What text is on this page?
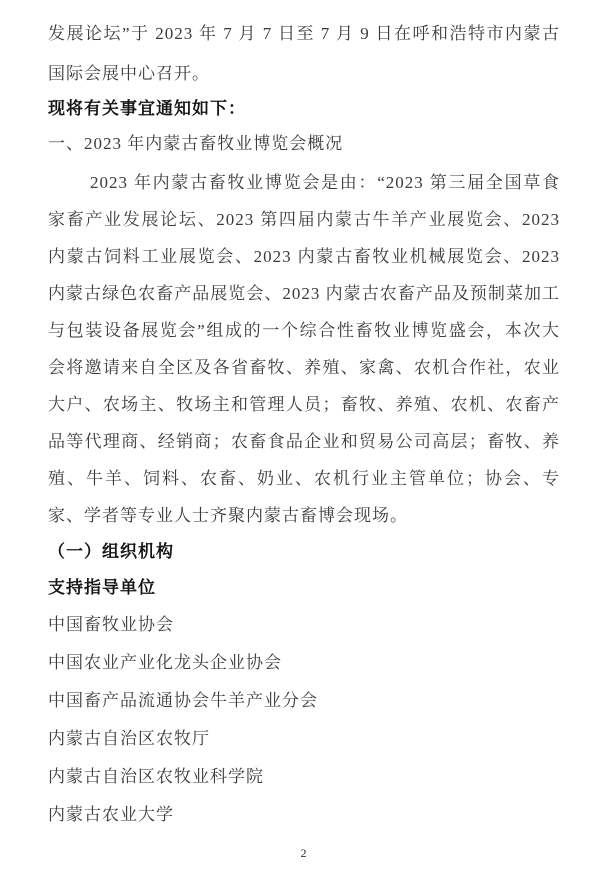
发展论坛”于 2023 年 7 月 7 日至 7 月 9 日在呼和浩特市内蒙古国际会展中心召开。

现将有关事宜通知如下：

一、2023 年内蒙古畜牧业博览会概况

2023 年内蒙古畜牧业博览会是由：“2023 第三届全国草食家畜产业发展论坛、2023 第四届内蒙古牛羊产业展览会、2023 内蒙古饲料工业展览会、2023 内蒙古畜牧业机械展览会、2023 内蒙古绿色农畜产品展览会、2023 内蒙古农畜产品及预制菜加工与包装设备展览会”组成的一个综合性畜牧业博览盛会，本次大会将邀请来自全区及各省畜牧、养殖、家禽、农机合作社，农业大户、农场主、牧场主和管理人员；畜牧、养殖、农机、农畜产品等代理商、经销商；农畜食品企业和贸易公司高层；畜牧、养殖、牛羊、饲料、农畜、奶业、农机行业主管单位；协会、专家、学者等专业人士齐聚内蒙古畜博会现场。

（一）组织机构

支持指导单位

中国畜牧业协会

中国农业产业化龙头企业协会

中国畜产品流通协会牛羊产业分会

内蒙古自治区农牧厅

内蒙古自治区农牧业科学院

内蒙古农业大学

2
